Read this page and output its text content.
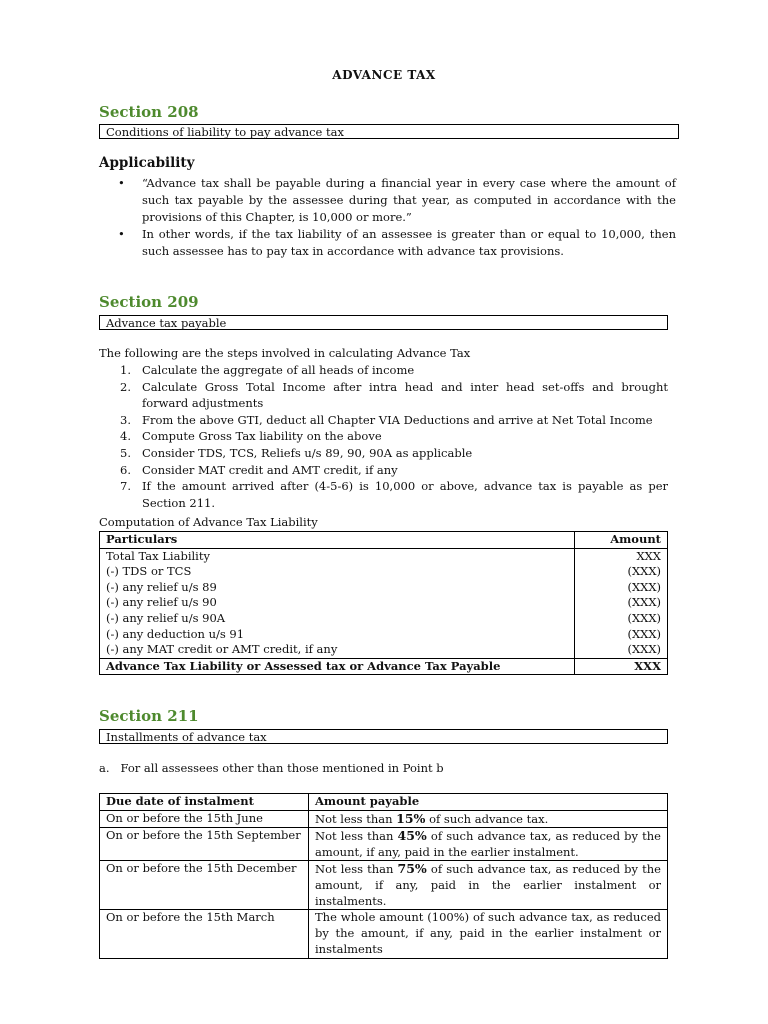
ADVANCE TAX
Section 208
Conditions of liability to pay advance tax
Applicability
• “Advance tax shall be payable during a financial year in every case where the amount of such tax payable by the assessee during that year, as computed in accordance with the provisions of this Chapter, is 10,000 or more.”
• In other words, if the tax liability of an assessee is greater than or equal to 10,000, then such assessee has to pay tax in accordance with advance tax provisions.
Section 209
Advance tax payable
The following are the steps involved in calculating Advance Tax
1. Calculate the aggregate of all heads of income
2. Calculate Gross Total Income after intra head and inter head set-offs and brought forward adjustments
3. From the above GTI, deduct all Chapter VIA Deductions and arrive at Net Total Income
4. Compute Gross Tax liability on the above
5. Consider TDS, TCS, Reliefs u/s 89, 90, 90A as applicable
6. Consider MAT credit and AMT credit, if any
7. If the amount arrived after (4-5-6) is 10,000 or above, advance tax is payable as per Section 211.
Computation of Advance Tax Liability
Particulars	Amount
Total Tax Liability	XXX
(-) TDS or TCS	(XXX)
(-) any relief u/s 89	(XXX)
(-) any relief u/s 90	(XXX)
(-) any relief u/s 90A	(XXX)
(-) any deduction u/s 91	(XXX)
(-) any MAT credit or AMT credit, if any	(XXX)
Advance Tax Liability or Assessed tax or Advance Tax Payable	XXX
Section 211
Installments of advance tax
a. For all assessees other than those mentioned in Point b
Due date of instalment	Amount payable
On or before the 15th June	Not less than 15% of such advance tax.
On or before the 15th September	Not less than 45% of such advance tax, as reduced by the amount, if any, paid in the earlier instalment.
On or before the 15th December	Not less than 75% of such advance tax, as reduced by the amount, if any, paid in the earlier instalment or instalments.
On or before the 15th March	The whole amount (100%) of such advance tax, as reduced by the amount, if any, paid in the earlier instalment or instalments
